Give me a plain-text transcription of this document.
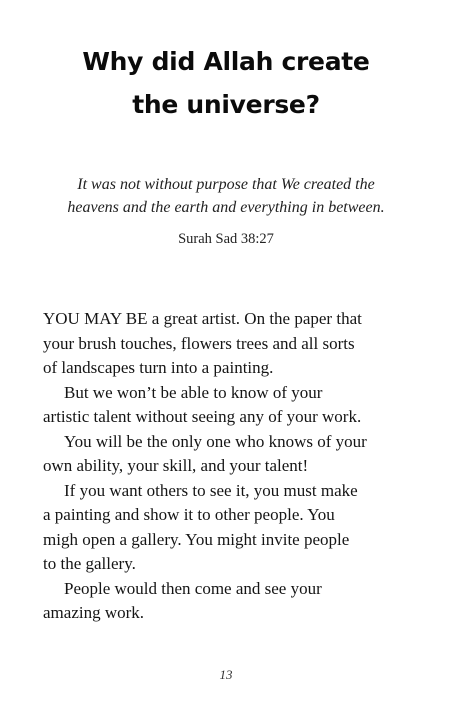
Why did Allah create
the universe?
It was not without purpose that We created the
heavens and the earth and everything in between.
Surah Sad 38:27
YOU MAY BE a great artist. On the paper that
your brush touches, flowers trees and all sorts
of landscapes turn into a painting.
But we won’t be able to know of your
artistic talent without seeing any of your work.
You will be the only one who knows of your
own ability, your skill, and your talent!
If you want others to see it, you must make
a painting and show it to other people. You
migh open a gallery. You might invite people
to the gallery.
People would then come and see your
amazing work.
13
